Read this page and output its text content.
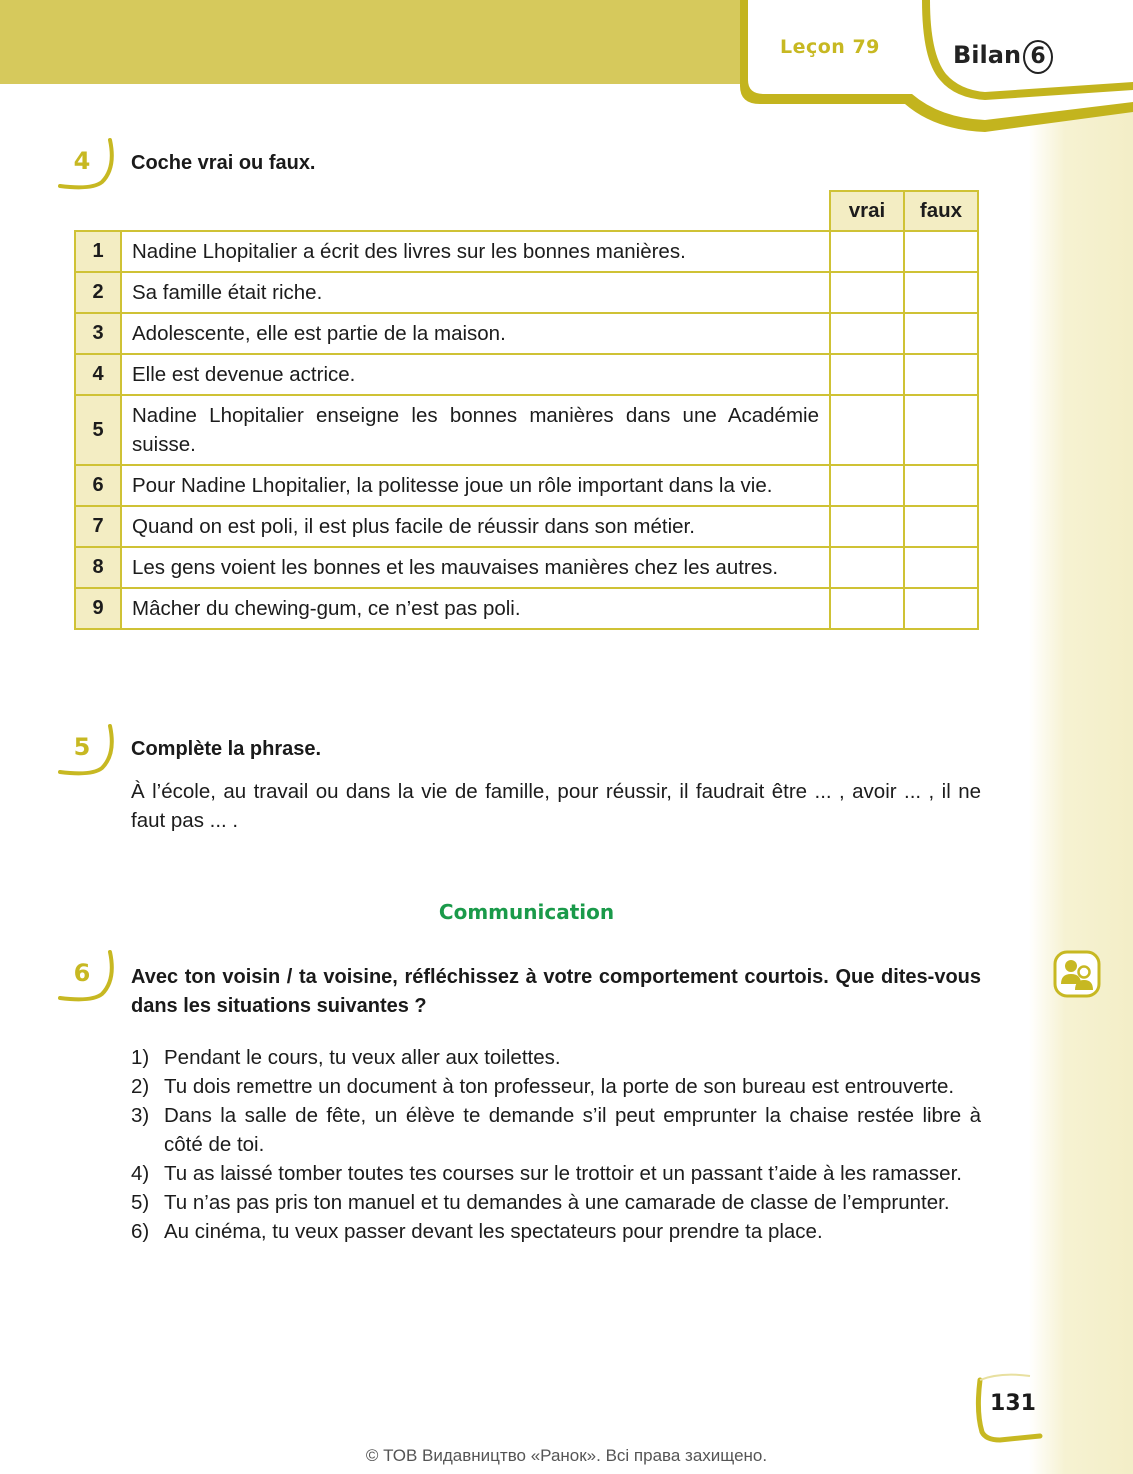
Leçon 79	Bilan 6
4	Coche vrai ou faux.
		vrai	faux
1	Nadine Lhopitalier a écrit des livres sur les bonnes manières.		
2	Sa famille était riche.		
3	Adolescente, elle est partie de la maison.		
4	Elle est devenue actrice.		
5	Nadine Lhopitalier enseigne les bonnes manières dans une Académie suisse.		
6	Pour Nadine Lhopitalier, la politesse joue un rôle important dans la vie.		
7	Quand on est poli, il est plus facile de réussir dans son métier.		
8	Les gens voient les bonnes et les mauvaises manières chez les autres.		
9	Mâcher du chewing-gum, ce n’est pas poli.		
5	Complète la phrase.
À l’école, au travail ou dans la vie de famille, pour réussir, il faudrait être ... , avoir ... , il ne faut pas ... .
Communication
6	Avec ton voisin / ta voisine, réfléchissez à votre comportement courtois. Que dites-vous dans les situations suivantes ?
1) Pendant le cours, tu veux aller aux toilettes.
2) Tu dois remettre un document à ton professeur, la porte de son bureau est entrouverte.
3) Dans la salle de fête, un élève te demande s’il peut emprunter la chaise restée libre à côté de toi.
4) Tu as laissé tomber toutes tes courses sur le trottoir et un passant t’aide à les ramasser.
5) Tu n’as pas pris ton manuel et tu demandes à une camarade de classe de l’emprunter.
6) Au cinéma, tu veux passer devant les spectateurs pour prendre ta place.
131
© ТОВ Видавництво «Ранок». Всі права захищено.
